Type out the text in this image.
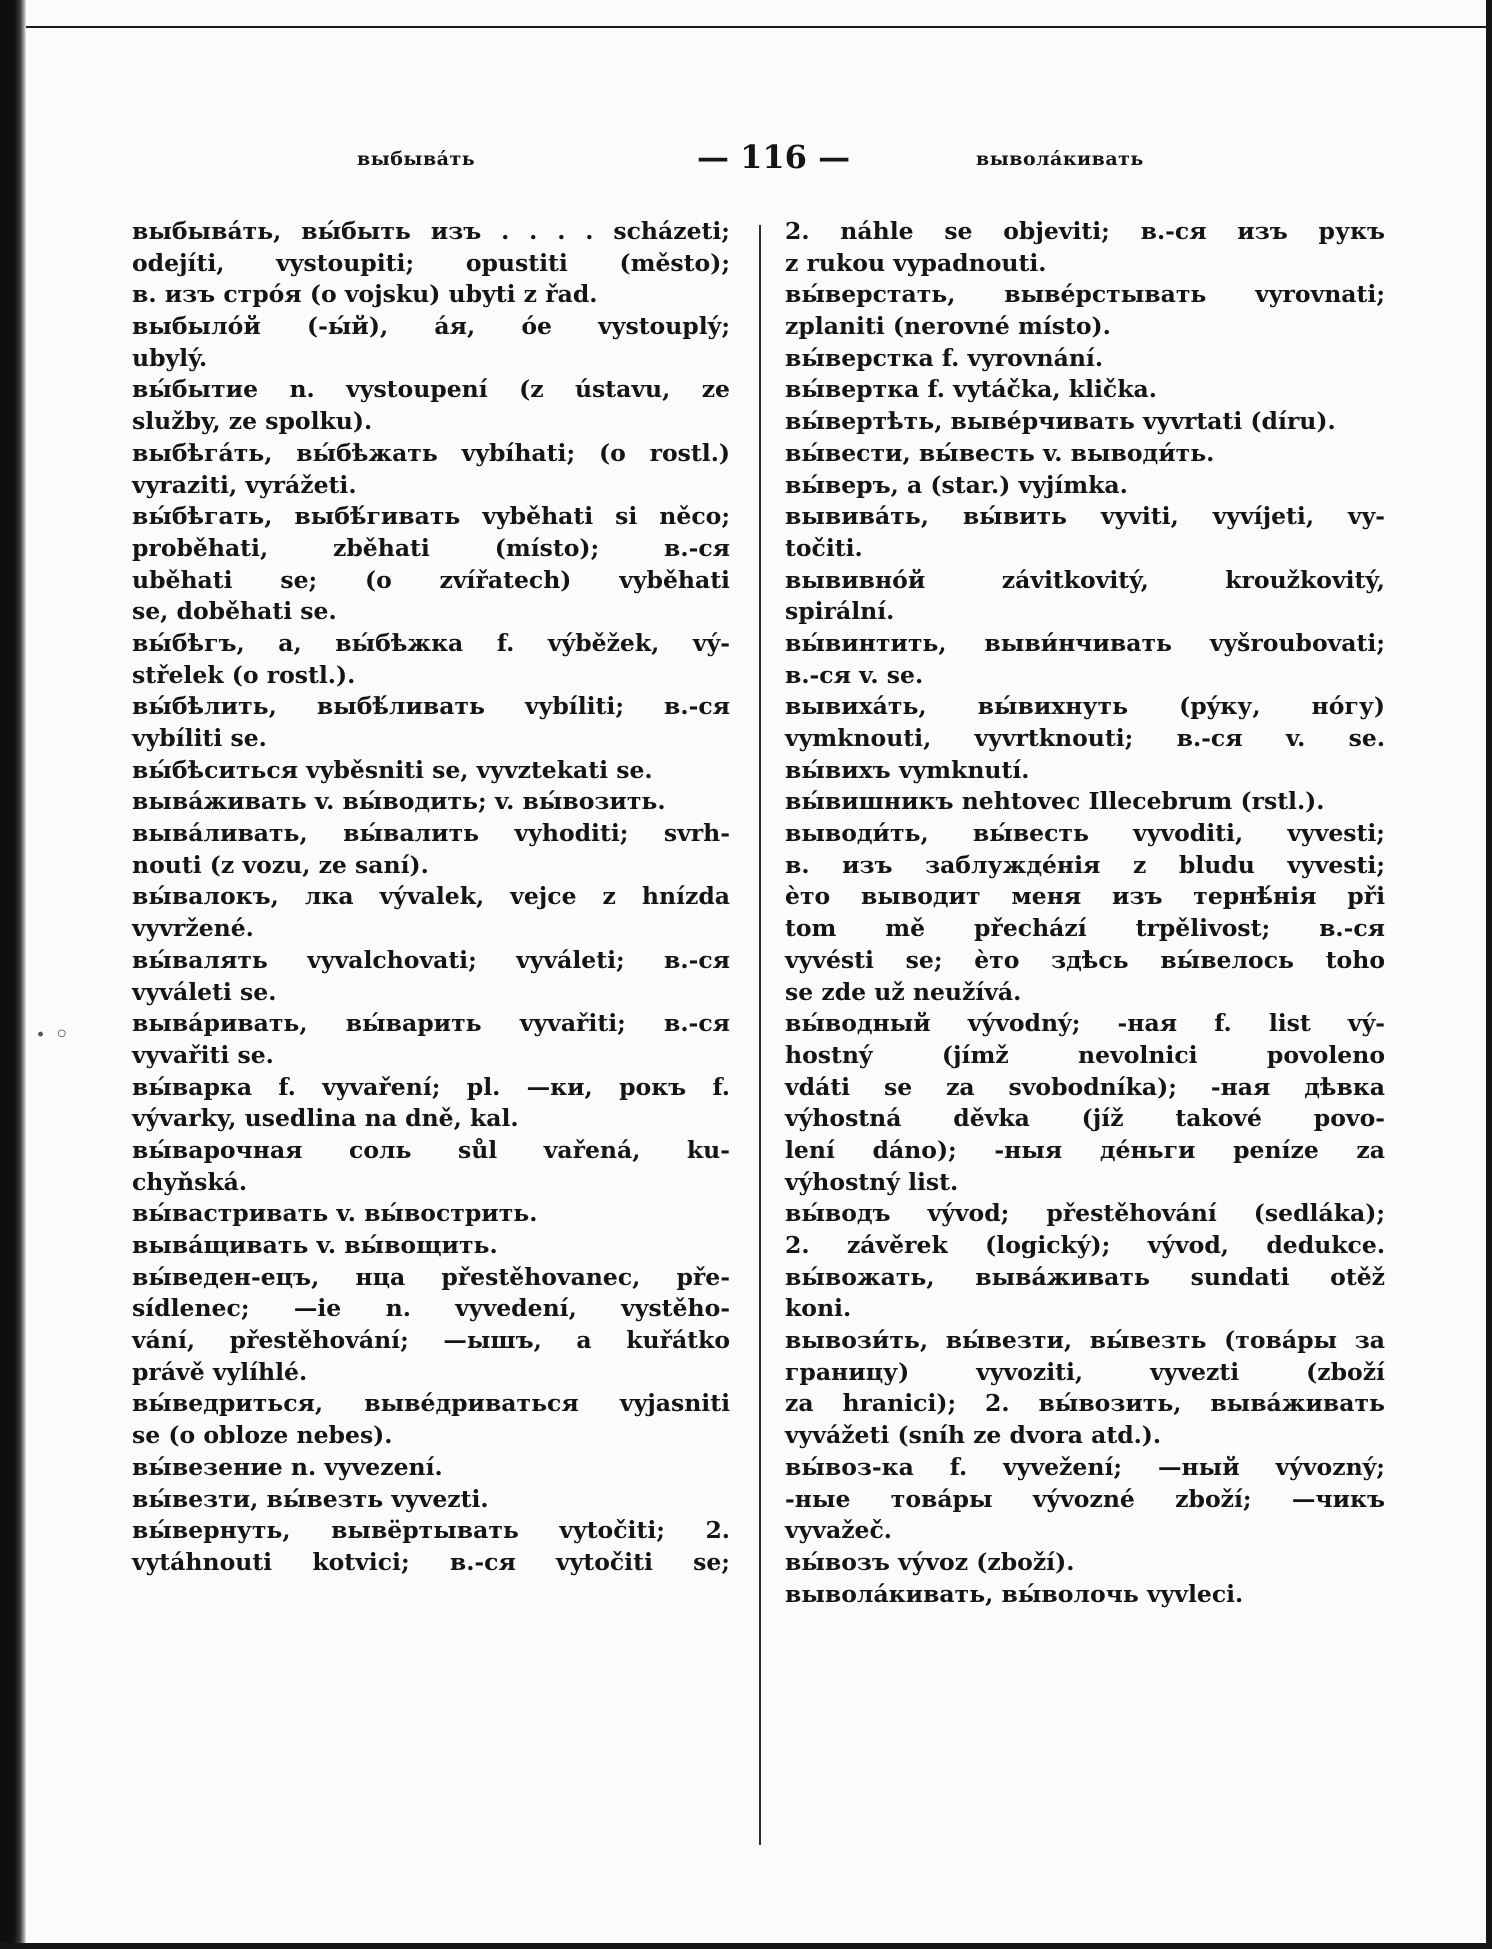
выбывáть	— 116 —	выволáкивать
выбывáть, вы́быть изъ . . . . scházeti;
odejíti, vystoupiti; opustiti (město);
в. изъ стрóя (o vojsku) ubyti z řad.
выбылóй (-ы́й), áя, óе vystouplý;
ubylý.
вы́бытие n. vystoupení (z ústavu, ze
služby, ze spolku).
выбѣгáть, вы́бѣжать vybíhati; (o rostl.)
vyraziti, vyrážeti.
вы́бѣгать, выбѣ́гивать vyběhati si něco;
proběhati, zběhati (místo); в.-ся
uběhati se; (o zvířatech) vyběhati
se, doběhati se.
вы́бѣгъ, а, вы́бѣжка f. výběžek, vý-
střelek (o rostl.).
вы́бѣлить, выбѣ́ливать vybíliti; в.-ся
vybíliti se.
вы́бѣситься vyběsniti se, vyvztekati se.
выва́живать v. вы́водить; v. вы́возить.
вывáливать, вы́валить vyhoditi; svrh-
nouti (z vozu, ze saní).
вы́валокъ, лка vývalek, vejce z hnízda
vyvržené.
вы́валять vyvalchovati; vyváleti; в.-ся
vyváleti se.
вывáривать, вы́варить vyvařiti; в.-ся
vyvařiti se.
вы́варка f. vyvaření; pl. —ки, рокъ f.
vývarky, usedlina na dně, kal.
вы́варочная соль sůl vařená, ku-
chyňská.
вы́вастривать v. вы́вострить.
выва́щивать v. вы́вощить.
вы́веден-ецъ, нца přestěhovanec, pře-
sídlenec; —ie n. vyvedení, vystěho-
vání, přestěhování; —ышъ, a kuřátko
právě vylíhlé.
вы́ведриться, вывéдриваться vyjasniti
se (o obloze nebes).
вы́везение n. vyvezení.
вы́везти, вы́везть vyvezti.
вы́вернуть, вывёртывать vytočiti; 2.
vytáhnouti kotvici; в.-ся vytočiti se;
2. náhle se objeviti; в.-ся изъ рукъ
z rukou vypadnouti.
вы́верстать, вывéрстывать vyrovnati;
zplaniti (nerovné místo).
вы́верстка f. vyrovnání.
вы́вертка f. vytáčka, klička.
вы́вертѣть, вывéрчивать vyvrtati (díru).
вы́вести, вы́весть v. выводи́ть.
вы́веръ, а (star.) vyjímka.
вывивáть, вы́вить vyviti, vyvíjeti, vy-
točiti.
вывивнóй závitkovitý, kroužkovitý,
spirální.
вы́винтить, выви́нчивать vyšroubovati;
в.-ся v. se.
вывихáть, вы́вихнуть (рýку, нóгу)
vymknouti, vyvrtknouti; в.-ся v. se.
вы́вихъ vymknutí.
вы́вишникъ nehtovec Illecebrum (rstl.).
выводи́ть, вы́весть vyvoditi, vyvesti;
в. изъ заблуждéнія z bludu vyvesti;
ѐто выводит меня изъ тернѣ́нія při
tom mě přechází trpělivost; в.-ся
vyvésti se; ѐто здѣсь вы́велось toho
se zde už neužívá.
вы́водный vývodný; -ная f. list vý-
hostný (jímž nevolnici povoleno
vdáti se za svobodníka); -ная дѣвка
výhostná děvka (jíž takové povo-
lení dáno); -ныя дéньги peníze za
výhostný list.
вы́водъ vývod; přestěhování (sedláka);
2. závěrek (logický); vývod, dedukce.
вы́вожать, выва́живать sundati otěž
koni.
вывози́ть, вы́везти, вы́везть (товáры за
границу) vyvoziti, vyvezti (zboží
za hranici); 2. вы́возить, выва́живать
vyvážeti (sníh ze dvora atd.).
вы́воз-ка f. vyvežení; —ный vývozný;
-ные товáры vývozné zboží; —чикъ
vyvažeč.
вы́возъ vývoz (zboží).
выволáкивать, вы́волочь vyvleci.
· ◦
